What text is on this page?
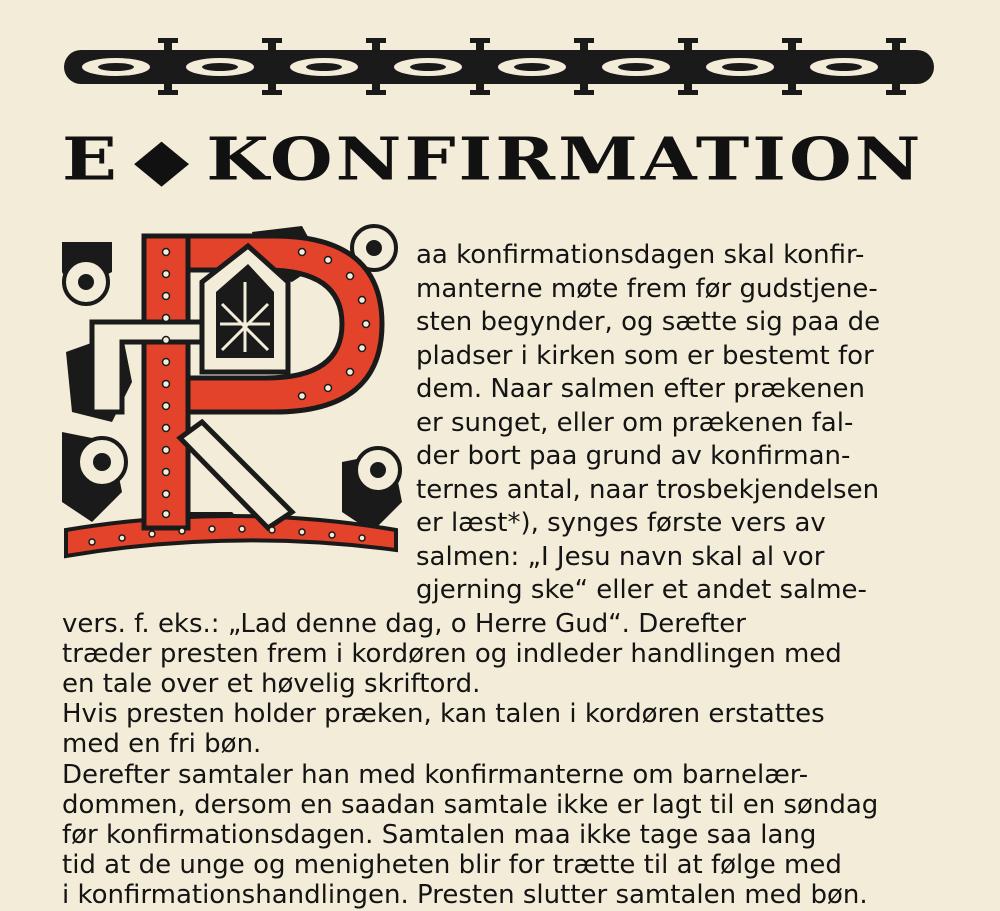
E ◆ KONFIRMATION
aa konfirmationsdagen skal konfir-
manterne møte frem før gudstjene-
sten begynder, og sætte sig paa de
pladser i kirken som er bestemt for
dem. Naar salmen efter prækenen
er sunget, eller om prækenen fal-
der bort paa grund av konfirman-
ternes antal, naar trosbekjendelsen
er læst*), synges første vers av
salmen: „I Jesu navn skal al vor
gjerning ske“ eller et andet salme-
vers. f. eks.: „Lad denne dag, o Herre Gud“. Derefter
træder presten frem i kordøren og indleder handlingen med
en tale over et høvelig skriftord.
Hvis presten holder præken, kan talen i kordøren erstattes
med en fri bøn.
Derefter samtaler han med konfirmanterne om barnelær-
dommen, dersom en saadan samtale ikke er lagt til en søndag
før konfirmationsdagen. Samtalen maa ikke tage saa lang
tid at de unge og menigheten blir for trætte til at følge med
i konfirmationshandlingen. Presten slutter samtalen med bøn.
